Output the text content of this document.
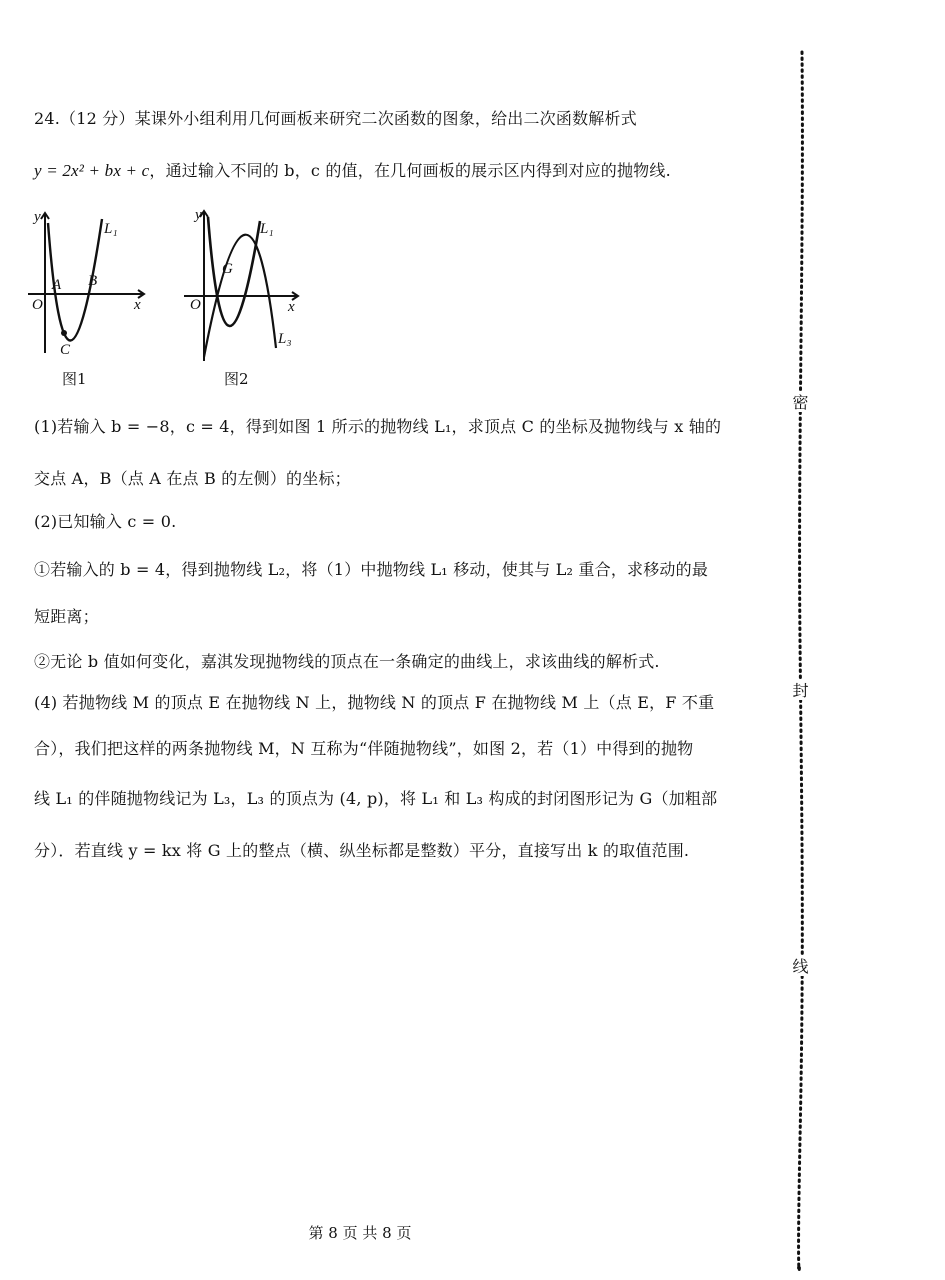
24.（12 分）某课外小组利用几何画板来研究二次函数的图象，给出二次函数解析式
y = 2x² + bx + c，通过输入不同的 b，c 的值，在几何画板的展示区内得到对应的抛物线.
y
x
O
A B
C
L₁
图1
y
x
O
G
L₁
L₃
图2
(1)若输入 b = −8，c = 4，得到如图 1 所示的抛物线 L₁，求顶点 C 的坐标及抛物线与 x 轴的
交点 A，B（点 A 在点 B 的左侧）的坐标；
(2)已知输入 c = 0.
①若输入的 b = 4，得到抛物线 L₂，将（1）中抛物线 L₁ 移动，使其与 L₂ 重合，求移动的最
短距离；
②无论 b 值如何变化，嘉淇发现抛物线的顶点在一条确定的曲线上，求该曲线的解析式.
(4) 若抛物线 M 的顶点 E 在抛物线 N 上，抛物线 N 的顶点 F 在抛物线 M 上（点 E，F 不重
合），我们把这样的两条抛物线 M，N 互称为“伴随抛物线”，如图 2，若（1）中得到的抛物
线 L₁ 的伴随抛物线记为 L₃，L₃ 的顶点为 (4, p)，将 L₁ 和 L₃ 构成的封闭图形记为 G（加粗部
分）．若直线 y = kx 将 G 上的整点（横、纵坐标都是整数）平分，直接写出 k 的取值范围.
密
封
线
第 8 页 共 8 页
